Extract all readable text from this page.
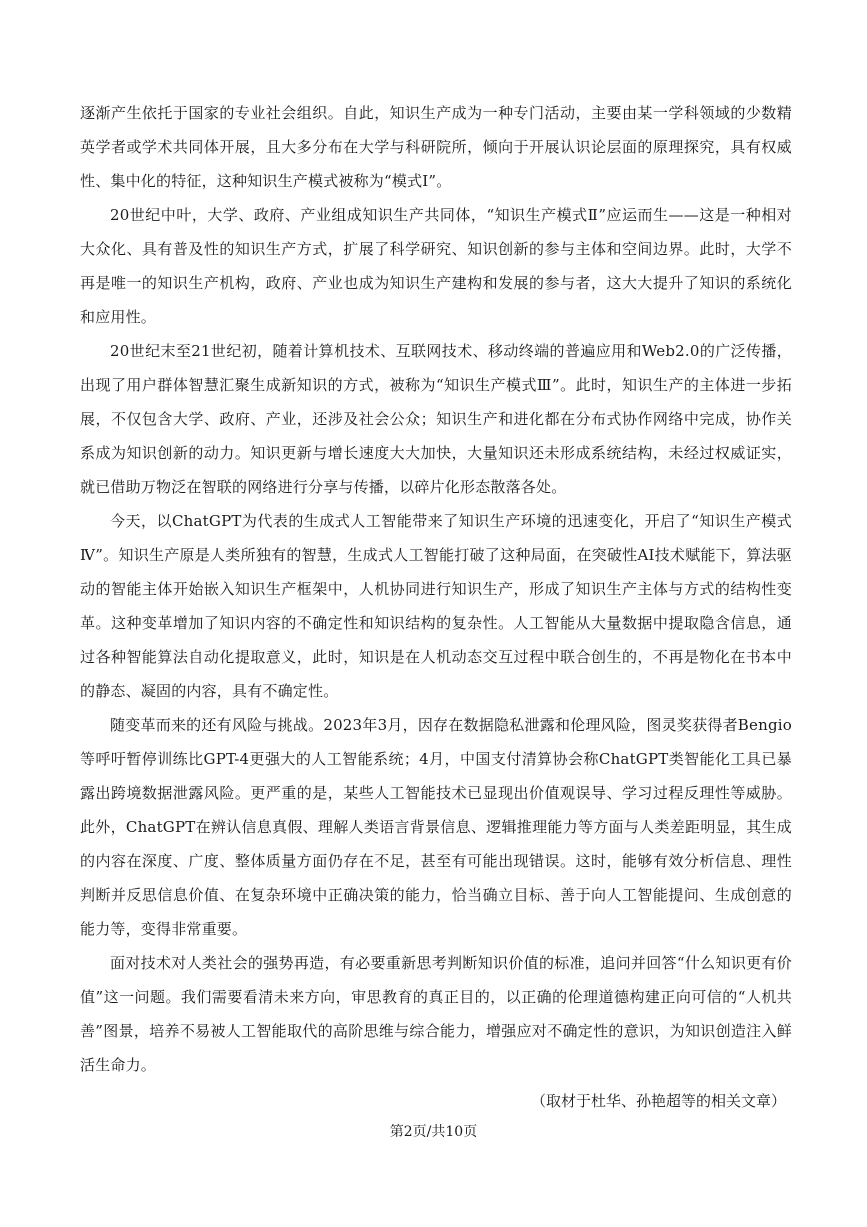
逐渐产生依托于国家的专业社会组织。自此，知识生产成为一种专门活动，主要由某一学科领域的少数精英学者或学术共同体开展，且大多分布在大学与科研院所，倾向于开展认识论层面的原理探究，具有权威性、集中化的特征，这种知识生产模式被称为“模式Ⅰ”。

20世纪中叶，大学、政府、产业组成知识生产共同体，“知识生产模式Ⅱ”应运而生——这是一种相对大众化、具有普及性的知识生产方式，扩展了科学研究、知识创新的参与主体和空间边界。此时，大学不再是唯一的知识生产机构，政府、产业也成为知识生产建构和发展的参与者，这大大提升了知识的系统化和应用性。

20世纪末至21世纪初，随着计算机技术、互联网技术、移动终端的普遍应用和Web2.0的广泛传播，出现了用户群体智慧汇聚生成新知识的方式，被称为“知识生产模式Ⅲ”。此时，知识生产的主体进一步拓展，不仅包含大学、政府、产业，还涉及社会公众；知识生产和进化都在分布式协作网络中完成，协作关系成为知识创新的动力。知识更新与增长速度大大加快，大量知识还未形成系统结构，未经过权威证实，就已借助万物泛在智联的网络进行分享与传播，以碎片化形态散落各处。

今天，以ChatGPT为代表的生成式人工智能带来了知识生产环境的迅速变化，开启了“知识生产模式Ⅳ”。知识生产原是人类所独有的智慧，生成式人工智能打破了这种局面，在突破性AI技术赋能下，算法驱动的智能主体开始嵌入知识生产框架中，人机协同进行知识生产，形成了知识生产主体与方式的结构性变革。这种变革增加了知识内容的不确定性和知识结构的复杂性。人工智能从大量数据中提取隐含信息，通过各种智能算法自动化提取意义，此时，知识是在人机动态交互过程中联合创生的，不再是物化在书本中的静态、凝固的内容，具有不确定性。

随变革而来的还有风险与挑战。2023年3月，因存在数据隐私泄露和伦理风险，图灵奖获得者Bengio等呼吁暂停训练比GPT-4更强大的人工智能系统；4月，中国支付清算协会称ChatGPT类智能化工具已暴露出跨境数据泄露风险。更严重的是，某些人工智能技术已显现出价值观误导、学习过程反理性等威胁。此外，ChatGPT在辨认信息真假、理解人类语言背景信息、逻辑推理能力等方面与人类差距明显，其生成的内容在深度、广度、整体质量方面仍存在不足，甚至有可能出现错误。这时，能够有效分析信息、理性判断并反思信息价值、在复杂环境中正确决策的能力，恰当确立目标、善于向人工智能提问、生成创意的能力等，变得非常重要。

面对技术对人类社会的强势再造，有必要重新思考判断知识价值的标准，追问并回答“什么知识更有价值”这一问题。我们需要看清未来方向，审思教育的真正目的，以正确的伦理道德构建正向可信的“人机共善”图景，培养不易被人工智能取代的高阶思维与综合能力，增强应对不确定性的意识，为知识创造注入鲜活生命力。

（取材于杜华、孙艳超等的相关文章）
第2页/共10页
